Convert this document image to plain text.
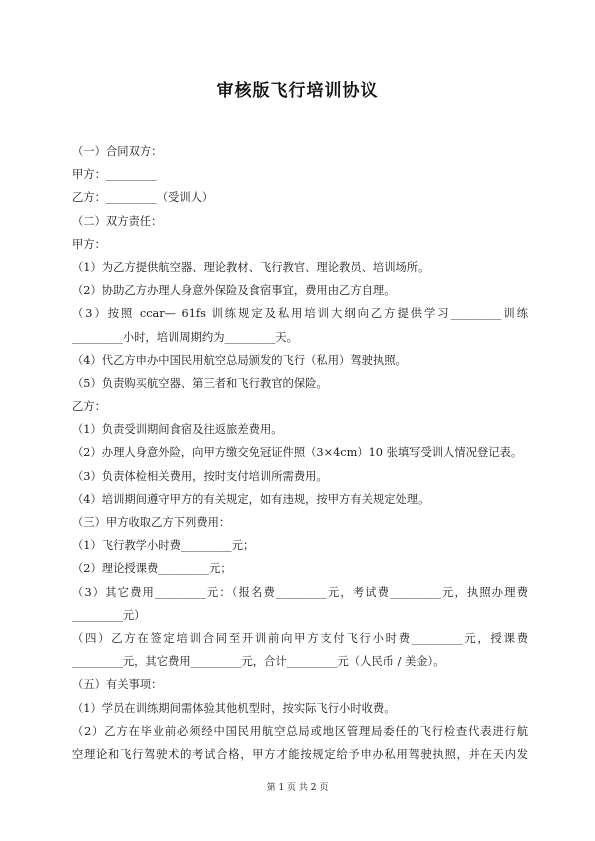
审核版飞行培训协议
（一）合同双方：
甲方：_________
乙方：_________（受训人）
（二）双方责任：
甲方：
（1）为乙方提供航空器、理论教材、飞行教官、理论教员、培训场所。
（2）协助乙方办理人身意外保险及食宿事宜，费用由乙方自理。
（3）按照 ccar— 61fs 训练规定及私用培训大纲向乙方提供学习_________训练
_________小时，培训周期约为_________天。
（4）代乙方申办中国民用航空总局颁发的飞行（私用）驾驶执照。
（5）负责购买航空器、第三者和飞行教官的保险。
乙方：
（1）负责受训期间食宿及往返旅差费用。
（2）办理人身意外险，向甲方缴交免冠证件照（3×4cm）10 张填写受训人情况登记表。
（3）负责体检相关费用，按时支付培训所需费用。
（4）培训期间遵守甲方的有关规定，如有违规，按甲方有关规定处理。
（三）甲方收取乙方下列费用：
（1）飞行教学小时费_________元；
（2）理论授课费_________元；
（3）其它费用_________元：（报名费_________元，考试费_________元，执照办理费
_________元）
（四）乙方在签定培训合同至开训前向甲方支付飞行小时费_________元，授课费
_________元，其它费用_________元，合计_________元（人民币 / 美金）。
（五）有关事项：
（1）学员在训练期间需体验其他机型时，按实际飞行小时收费。
（2）乙方在毕业前必须经中国民用航空总局或地区管理局委任的飞行检查代表进行航
空理论和飞行驾驶术的考试合格，甲方才能按规定给予申办私用驾驶执照，并在天内发
第 1 页 共 2 页
